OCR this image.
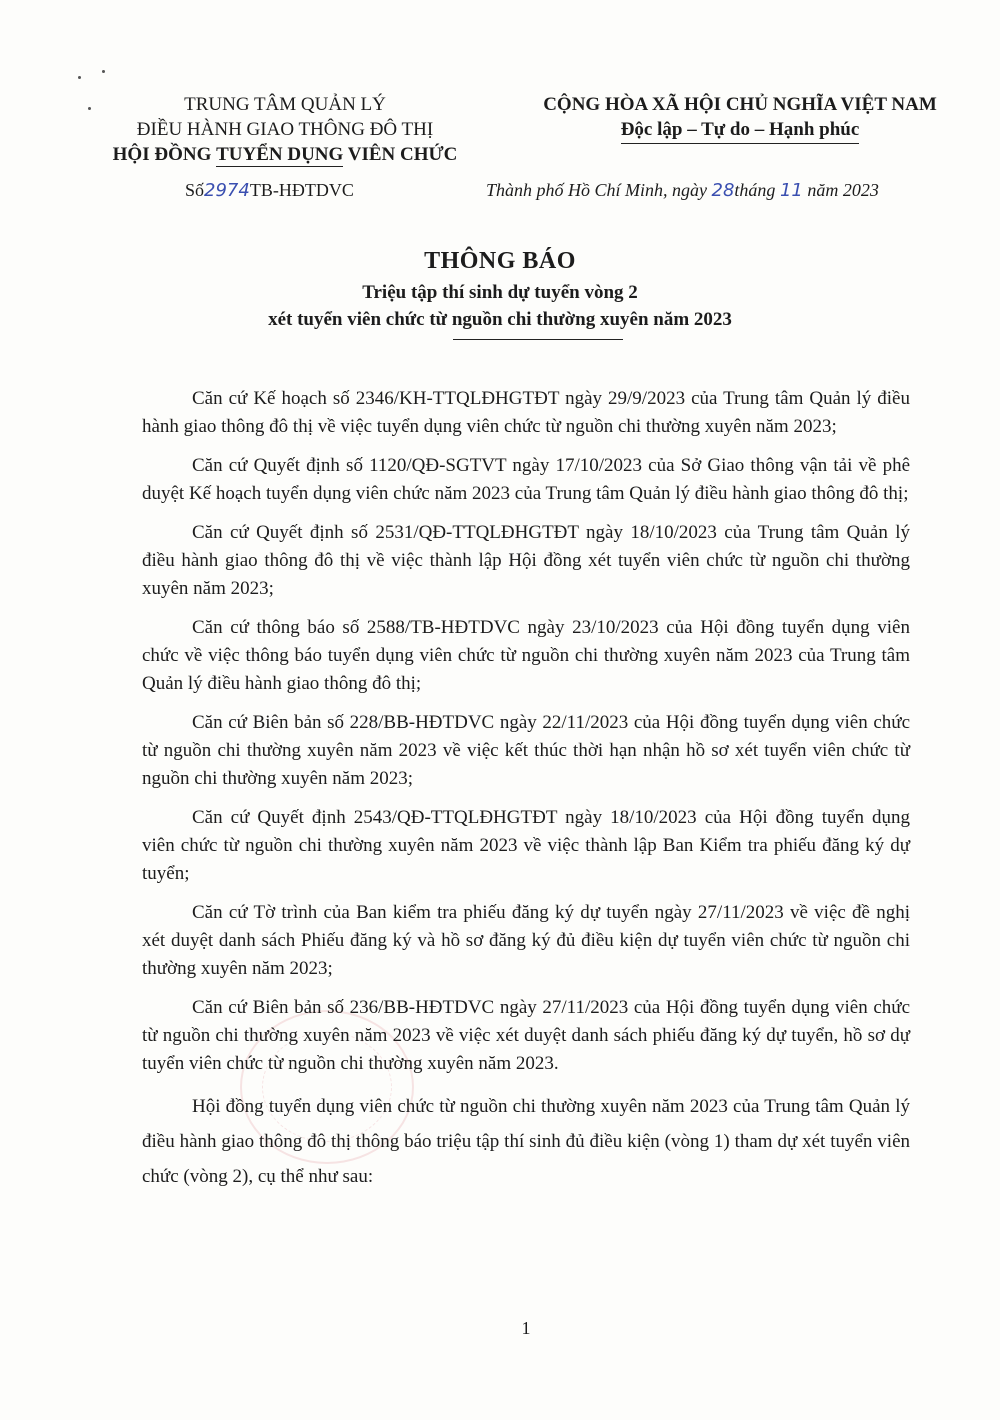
TRUNG TÂM QUẢN LÝ
ĐIỀU HÀNH GIAO THÔNG ĐÔ THỊ
HỘI ĐỒNG TUYỂN DỤNG VIÊN CHỨC
CỘNG HÒA XÃ HỘI CHỦ NGHĨA VIỆT NAM
Độc lập – Tự do – Hạnh phúc
Số2974TB-HĐTDVC	Thành phố Hồ Chí Minh, ngày 28tháng 11 năm 2023
THÔNG BÁO
Triệu tập thí sinh dự tuyển vòng 2
xét tuyển viên chức từ nguồn chi thường xuyên năm 2023

Căn cứ Kế hoạch số 2346/KH-TTQLĐHGTĐT ngày 29/9/2023 của Trung tâm Quản lý điều hành giao thông đô thị về việc tuyển dụng viên chức từ nguồn chi thường xuyên năm 2023;

Căn cứ Quyết định số 1120/QĐ-SGTVT ngày 17/10/2023 của Sở Giao thông vận tải về phê duyệt Kế hoạch tuyển dụng viên chức năm 2023 của Trung tâm Quản lý điều hành giao thông đô thị;

Căn cứ Quyết định số 2531/QĐ-TTQLĐHGTĐT ngày 18/10/2023 của Trung tâm Quản lý điều hành giao thông đô thị về việc thành lập Hội đồng xét tuyển viên chức từ nguồn chi thường xuyên năm 2023;

Căn cứ thông báo số 2588/TB-HĐTDVC ngày 23/10/2023 của Hội đồng tuyển dụng viên chức về việc thông báo tuyển dụng viên chức từ nguồn chi thường xuyên năm 2023 của Trung tâm Quản lý điều hành giao thông đô thị;

Căn cứ Biên bản số 228/BB-HĐTDVC ngày 22/11/2023 của Hội đồng tuyển dụng viên chức từ nguồn chi thường xuyên năm 2023 về việc kết thúc thời hạn nhận hồ sơ xét tuyển viên chức từ nguồn chi thường xuyên năm 2023;

Căn cứ Quyết định 2543/QĐ-TTQLĐHGTĐT ngày 18/10/2023 của Hội đồng tuyển dụng viên chức từ nguồn chi thường xuyên năm 2023 về việc thành lập Ban Kiểm tra phiếu đăng ký dự tuyển;

Căn cứ Tờ trình của Ban kiểm tra phiếu đăng ký dự tuyển ngày 27/11/2023 về việc đề nghị xét duyệt danh sách Phiếu đăng ký và hồ sơ đăng ký đủ điều kiện dự tuyển viên chức từ nguồn chi thường xuyên năm 2023;

Căn cứ Biên bản số 236/BB-HĐTDVC ngày 27/11/2023 của Hội đồng tuyển dụng viên chức từ nguồn chi thường xuyên năm 2023 về việc xét duyệt danh sách phiếu đăng ký dự tuyển, hồ sơ dự tuyển viên chức từ nguồn chi thường xuyên năm 2023.

Hội đồng tuyển dụng viên chức từ nguồn chi thường xuyên năm 2023 của Trung tâm Quản lý điều hành giao thông đô thị thông báo triệu tập thí sinh đủ điều kiện (vòng 1) tham dự xét tuyển viên chức (vòng 2), cụ thể như sau:

1
